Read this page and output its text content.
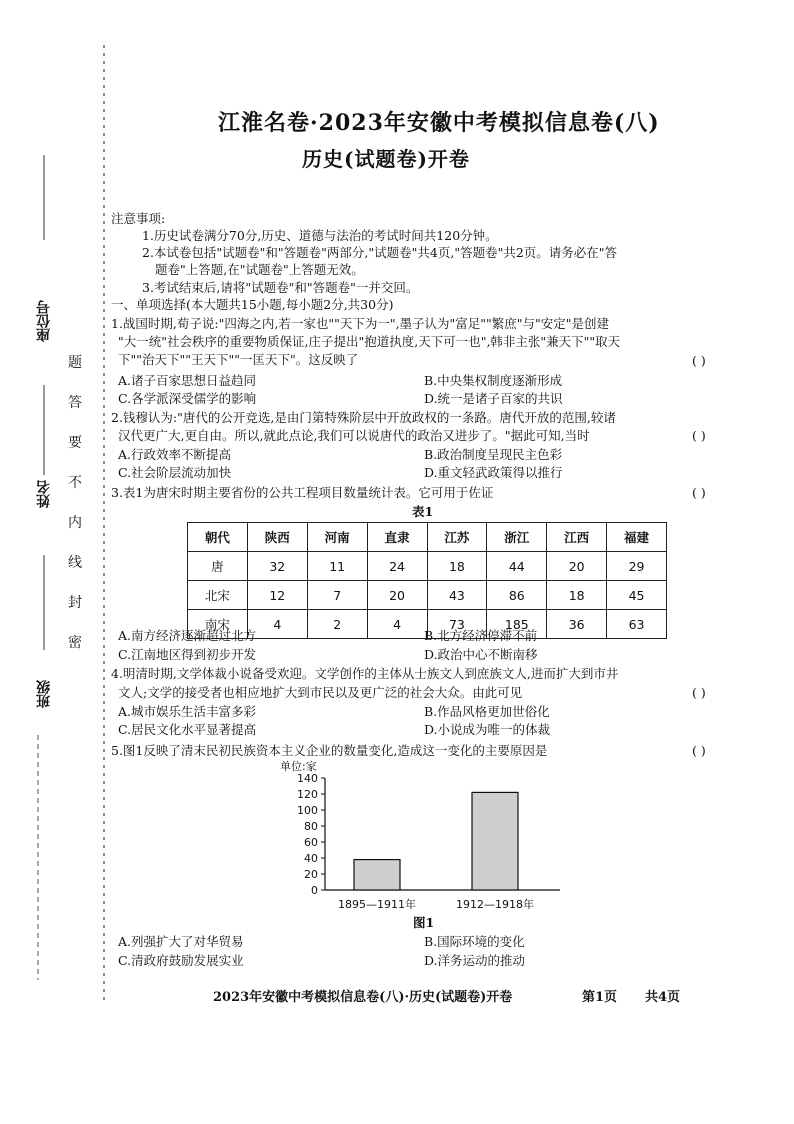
座位号
姓名
班级
题
答
要
不
内
线
封
密
江淮名卷·2023年安徽中考模拟信息卷(八)
历史(试题卷)开卷
注意事项:
1.历史试卷满分70分,历史、道德与法治的考试时间共120分钟。
2.本试卷包括"试题卷"和"答题卷"两部分,"试题卷"共4页,"答题卷"共2页。请务必在"答
题卷"上答题,在"试题卷"上答题无效。
3.考试结束后,请将"试题卷"和"答题卷"一并交回。
一、单项选择(本大题共15小题,每小题2分,共30分)
1.战国时期,荀子说:"四海之内,若一家也""天下为一",墨子认为"富足""繁庶"与"安定"是创建
"大一统"社会秩序的重要物质保证,庄子提出"抱道执度,天下可一也",韩非主张"兼天下""取天
下""治天下""王天下""一匡天下"。这反映了	( )
A.诸子百家思想日益趋同	B.中央集权制度逐渐形成
C.各学派深受儒学的影响	D.统一是诸子百家的共识
2.钱穆认为:"唐代的公开竞选,是由门第特殊阶层中开放政权的一条路。唐代开放的范围,较诸
汉代更广大,更自由。所以,就此点论,我们可以说唐代的政治又进步了。"据此可知,当时	( )
A.行政效率不断提高	B.政治制度呈现民主色彩
C.社会阶层流动加快	D.重文轻武政策得以推行
3.表1为唐宋时期主要省份的公共工程项目数量统计表。它可用于佐证	( )
表1
朝代	陕西	河南	直隶	江苏	浙江	江西	福建
唐	32	11	24	18	44	20	29
北宋	12	7	20	43	86	18	45
南宋	4	2	4	73	185	36	63
A.南方经济逐渐超过北方	B.北方经济停滞不前
C.江南地区得到初步开发	D.政治中心不断南移
4.明清时期,文学体裁小说备受欢迎。文学创作的主体从士族文人到庶族文人,进而扩大到市井
文人;文学的接受者也相应地扩大到市民以及更广泛的社会大众。由此可见	( )
A.城市娱乐生活丰富多彩	B.作品风格更加世俗化
C.居民文化水平显著提高	D.小说成为唯一的体裁
5.图1反映了清末民初民族资本主义企业的数量变化,造成这一变化的主要原因是	( )
单位:家
0
20
40
60
80
100
120
140
1895—1911年	1912—1918年
图1
A.列强扩大了对华贸易	B.国际环境的变化
C.清政府鼓励发展实业	D.洋务运动的推动
2023年安徽中考模拟信息卷(八)·历史(试题卷)开卷	第1页 共4页
